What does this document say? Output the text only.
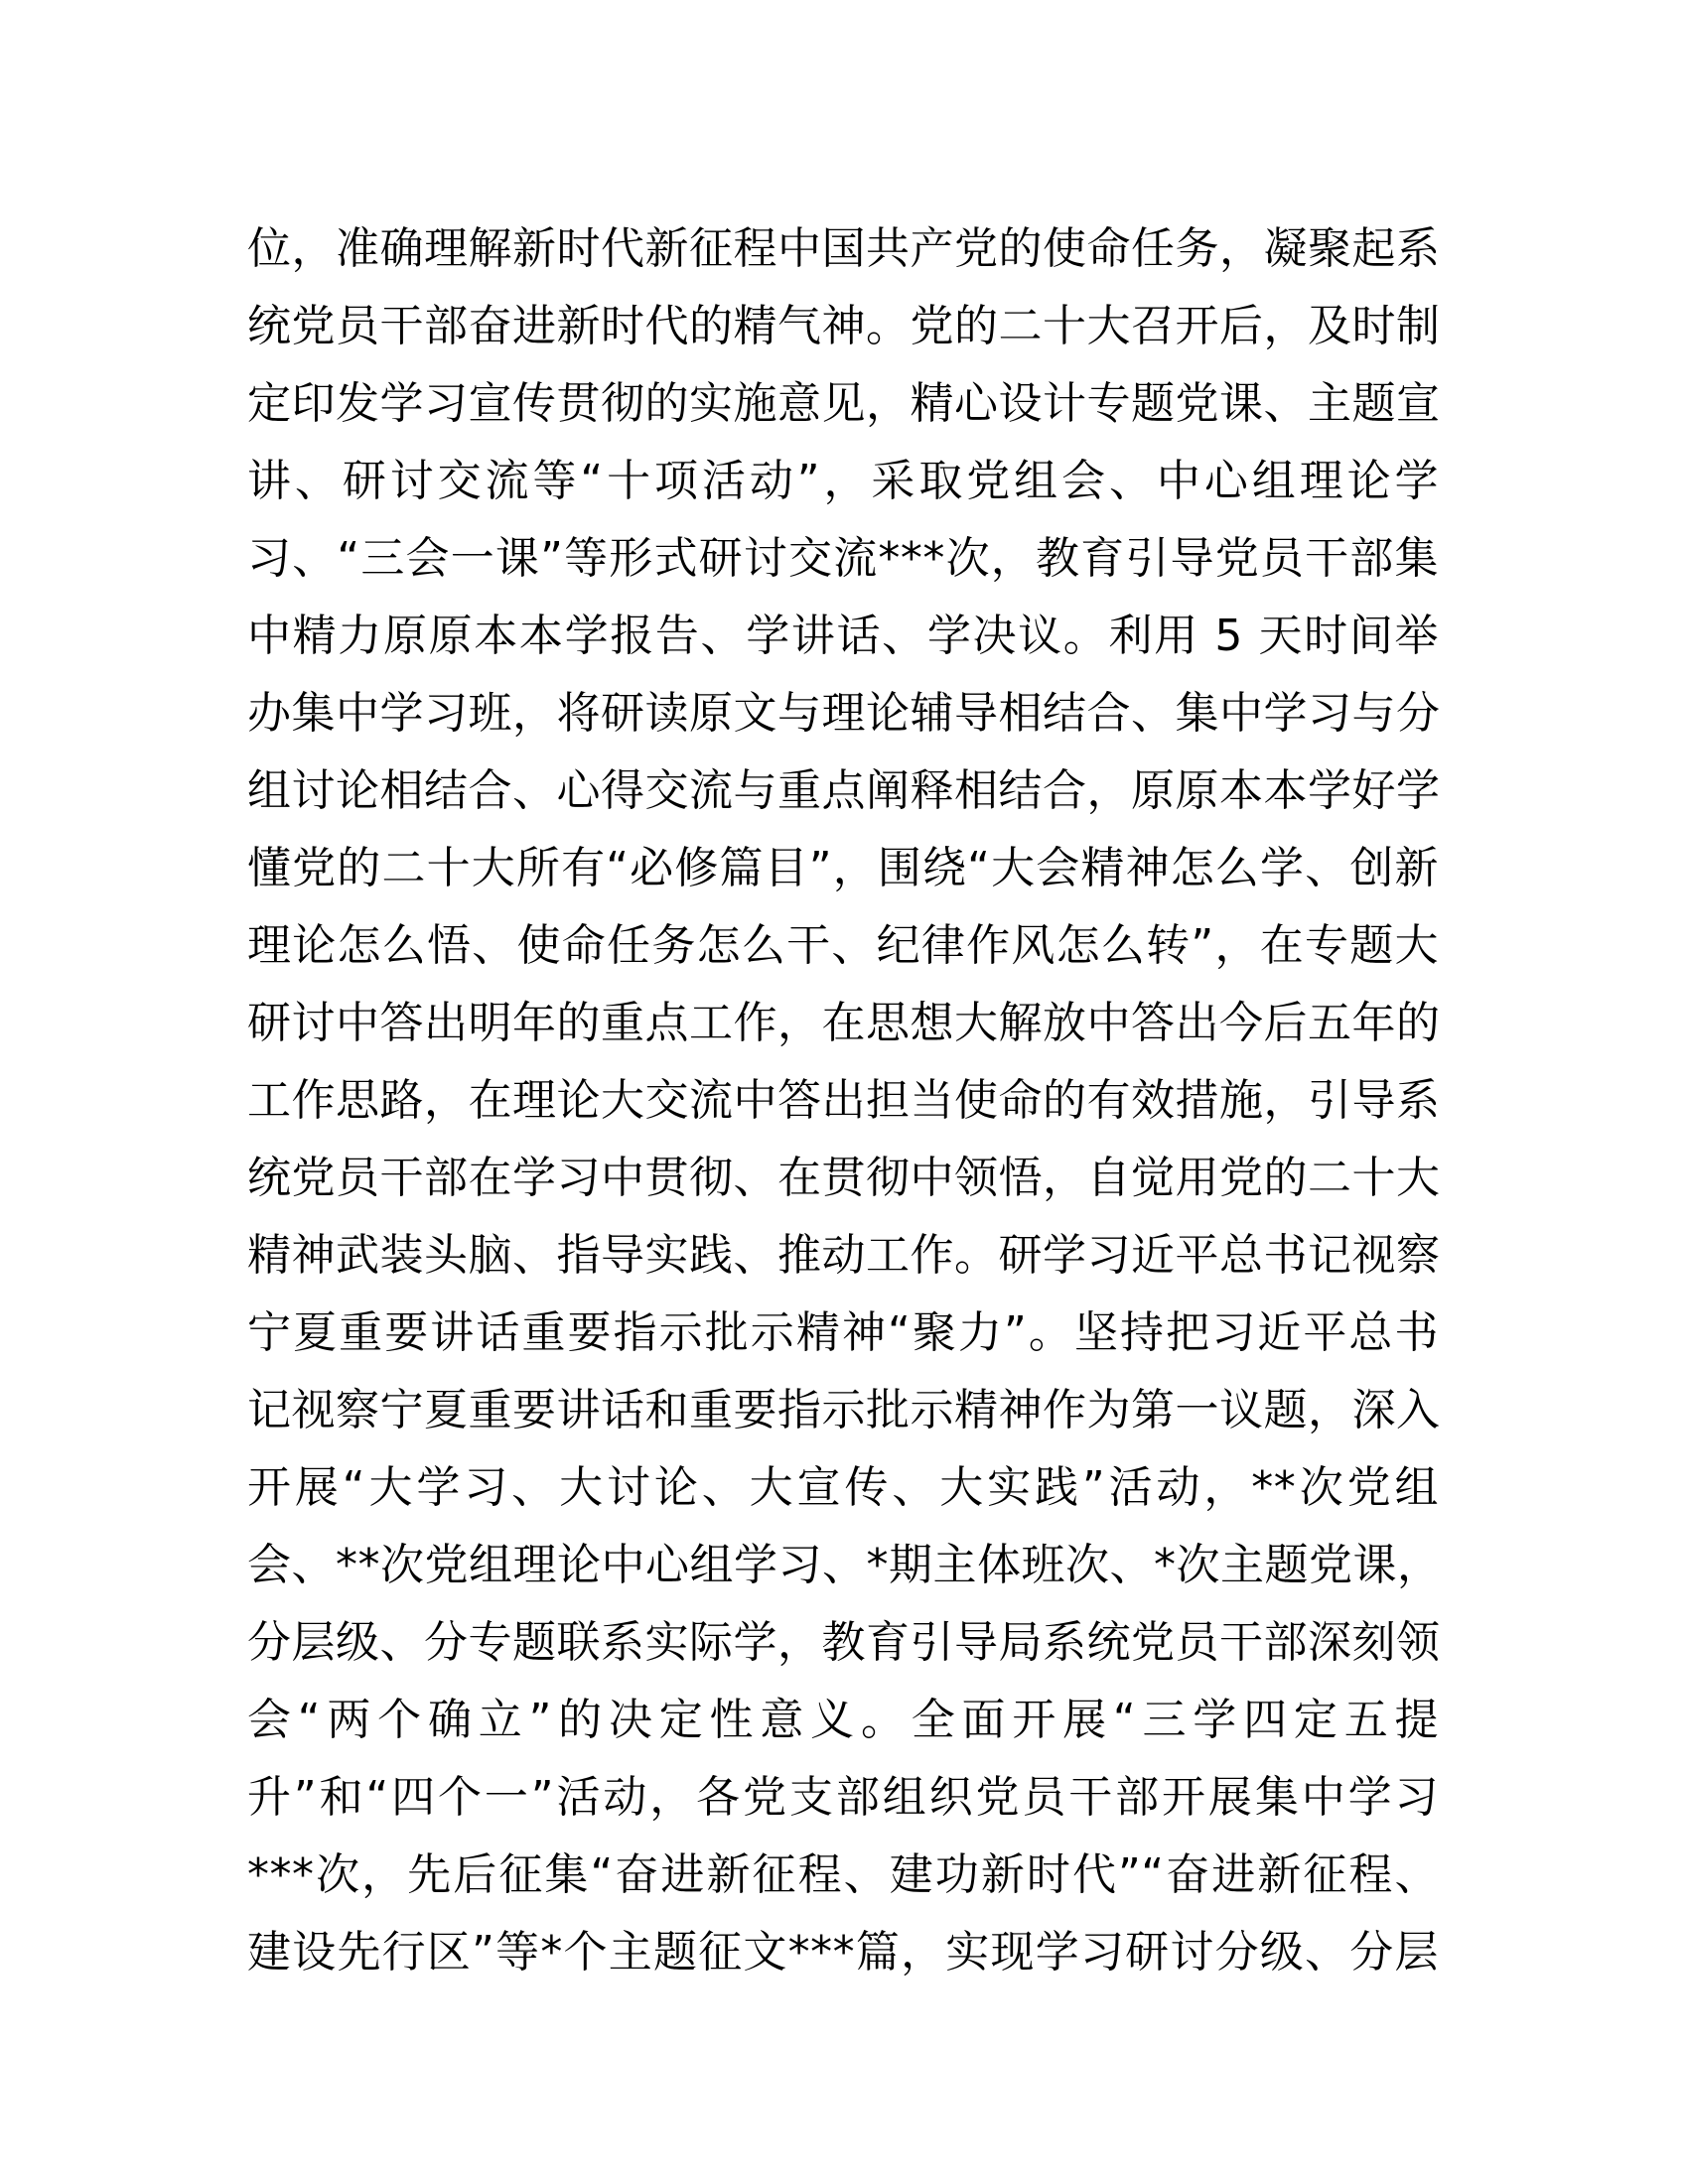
位，准确理解新时代新征程中国共产党的使命任务，凝聚起系
统党员干部奋进新时代的精气神。党的二十大召开后，及时制
定印发学习宣传贯彻的实施意见，精心设计专题党课、主题宣
讲、研讨交流等“十项活动”，采取党组会、中心组理论学
习、“三会一课”等形式研讨交流***次，教育引导党员干部集
中精力原原本本学报告、学讲话、学决议。利用 5 天时间举
办集中学习班，将研读原文与理论辅导相结合、集中学习与分
组讨论相结合、心得交流与重点阐释相结合，原原本本学好学
懂党的二十大所有“必修篇目”，围绕“大会精神怎么学、创新
理论怎么悟、使命任务怎么干、纪律作风怎么转”，在专题大
研讨中答出明年的重点工作，在思想大解放中答出今后五年的
工作思路，在理论大交流中答出担当使命的有效措施，引导系
统党员干部在学习中贯彻、在贯彻中领悟，自觉用党的二十大
精神武装头脑、指导实践、推动工作。研学习近平总书记视察
宁夏重要讲话重要指示批示精神“聚力”。坚持把习近平总书
记视察宁夏重要讲话和重要指示批示精神作为第一议题，深入
开展“大学习、大讨论、大宣传、大实践”活动，**次党组
会、**次党组理论中心组学习、*期主体班次、*次主题党课，
分层级、分专题联系实际学，教育引导局系统党员干部深刻领
会“两个确立”的决定性意义。全面开展“三学四定五提
升”和“四个一”活动，各党支部组织党员干部开展集中学习
***次，先后征集“奋进新征程、建功新时代”“奋进新征程、
建设先行区”等*个主题征文***篇，实现学习研讨分级、分层
